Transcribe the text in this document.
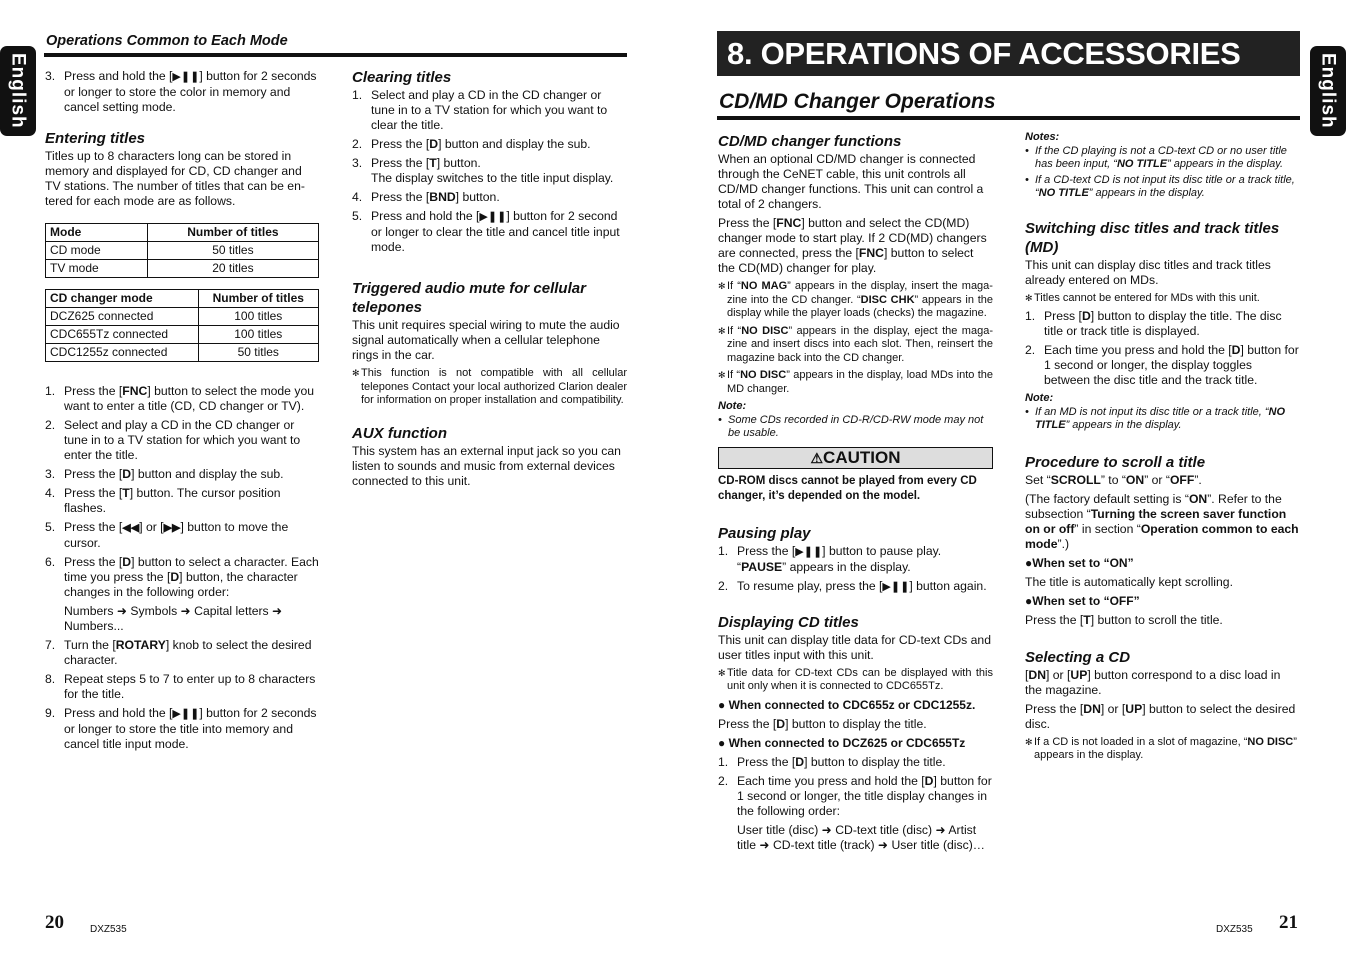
English
Operations Common to Each Mode
3. Press and hold the [▶❚❚] button for 2 seconds or longer to store the color in memory and cancel setting mode.
Entering titles

Titles up to 8 characters long can be stored in memory and displayed for CD, CD changer and TV stations. The number of titles that can be entered for each mode are as follows.

Mode	Number of titles
CD mode	50 titles
TV mode	20 titles
CD changer mode	Number of titles
DCZ625 connected	100 titles
CDC655Tz connected	100 titles
CDC1255z connected	50 titles
1. Press the [FNC] button to select the mode you want to enter a title (CD, CD changer or TV).
2. Select and play a CD in the CD changer or tune in to a TV station for which you want to enter the title.
3. Press the [D] button and display the sub.
4. Press the [T] button. The cursor position flashes.
5. Press the [◀◀] or [▶▶] button to move the cursor.
6. Press the [D] button to select a character. Each time you press the [D] button, the character changes in the following order:
Numbers ➜ Symbols ➜ Capital letters ➜ Numbers...
7. Turn the [ROTARY] knob to select the desired character.
8. Repeat steps 5 to 7 to enter up to 8 characters for the title.
9. Press and hold the [▶❚❚] button for 2 seconds or longer to store the title into memory and cancel title input mode.
Clearing titles
1. Select and play a CD in the CD changer or tune in to a TV station for which you want to clear the title.
2. Press the [D] button and display the sub.
3. Press the [T] button.
The display switches to the title input display.
4. Press the [BND] button.
5. Press and hold the [▶❚❚] button for 2 second or longer to clear the title and cancel title input mode.
Triggered audio mute for cellular telepones

This unit requires special wiring to mute the audio signal automatically when a cellular telephone rings in the car.

✻ This function is not compatible with all cellular telepones Contact your local authorized Clarion dealer for information on proper installation and compatibility.
AUX function

This system has an external input jack so you can listen to sounds and music from external devices connected to this unit.

20	DXZ535
English
8. OPERATIONS OF ACCESSORIES
CD/MD Changer Operations
CD/MD changer functions

When an optional CD/MD changer is connected through the CeNET cable, this unit controls all CD/MD changer functions. This unit can control a total of 2 changers.

Press the [FNC] button and select the CD(MD) changer mode to start play. If 2 CD(MD) changers are connected, press the [FNC] button to select the CD(MD) changer for play.

✻ If “NO MAG” appears in the display, insert the magazine into the CD changer. “DISC CHK” appears in the display while the player loads (checks) the magazine.
✻ If “NO DISC” appears in the display, eject the magazine and insert discs into each slot. Then, reinsert the magazine back into the CD changer.
✻ If “NO DISC” appears in the display, load MDs into the MD changer.
Note:
• Some CDs recorded in CD-R/CD-RW mode may not be usable.
⚠CAUTION

CD-ROM discs cannot be played from every CD changer, it’s depended on the model.

Pausing play
1. Press the [▶❚❚] button to pause play.
“PAUSE” appears in the display.
2. To resume play, press the [▶❚❚] button again.
Displaying CD titles

This unit can display title data for CD-text CDs and user titles input with this unit.

✻ Title data for CD-text CDs can be displayed with this unit only when it is connected to CDC655Tz.
● When connected to CDC655z or CDC1255z.

Press the [D] button to display the title.

● When connected to DCZ625 or CDC655Tz
1. Press the [D] button to display the title.
2. Each time you press and hold the [D] button for 1 second or longer, the title display changes in the following order:
User title (disc) ➜ CD-text title (disc) ➜ Artist title ➜ CD-text title (track) ➜ User title (disc)…
Notes:
• If the CD playing is not a CD-text CD or no user title has been input, “NO TITLE” appears in the display.
• If a CD-text CD is not input its disc title or a track title, “NO TITLE” appears in the display.
Switching disc titles and track titles (MD)

This unit can display disc titles and track titles already entered on MDs.

✻ Titles cannot be entered for MDs with this unit.
1. Press [D] button to display the title. The disc title or track title is displayed.
2. Each time you press and hold the [D] button for 1 second or longer, the display toggles between the disc title and the track title.
Note:
• If an MD is not input its disc title or a track title, “NO TITLE” appears in the display.
Procedure to scroll a title

Set “SCROLL” to “ON” or “OFF”.

(The factory default setting is “ON”. Refer to the subsection “Turning the screen saver function on or off” in section “Operation common to each mode”.)

●When set to “ON”

The title is automatically kept scrolling.

●When set to “OFF”

Press the [T] button to scroll the title.

Selecting a CD

[DN] or [UP] button correspond to a disc load in the magazine.

Press the [DN] or [UP] button to select the desired disc.

✻ If a CD is not loaded in a slot of magazine, “NO DISC” appears in the display.
DXZ535 21
